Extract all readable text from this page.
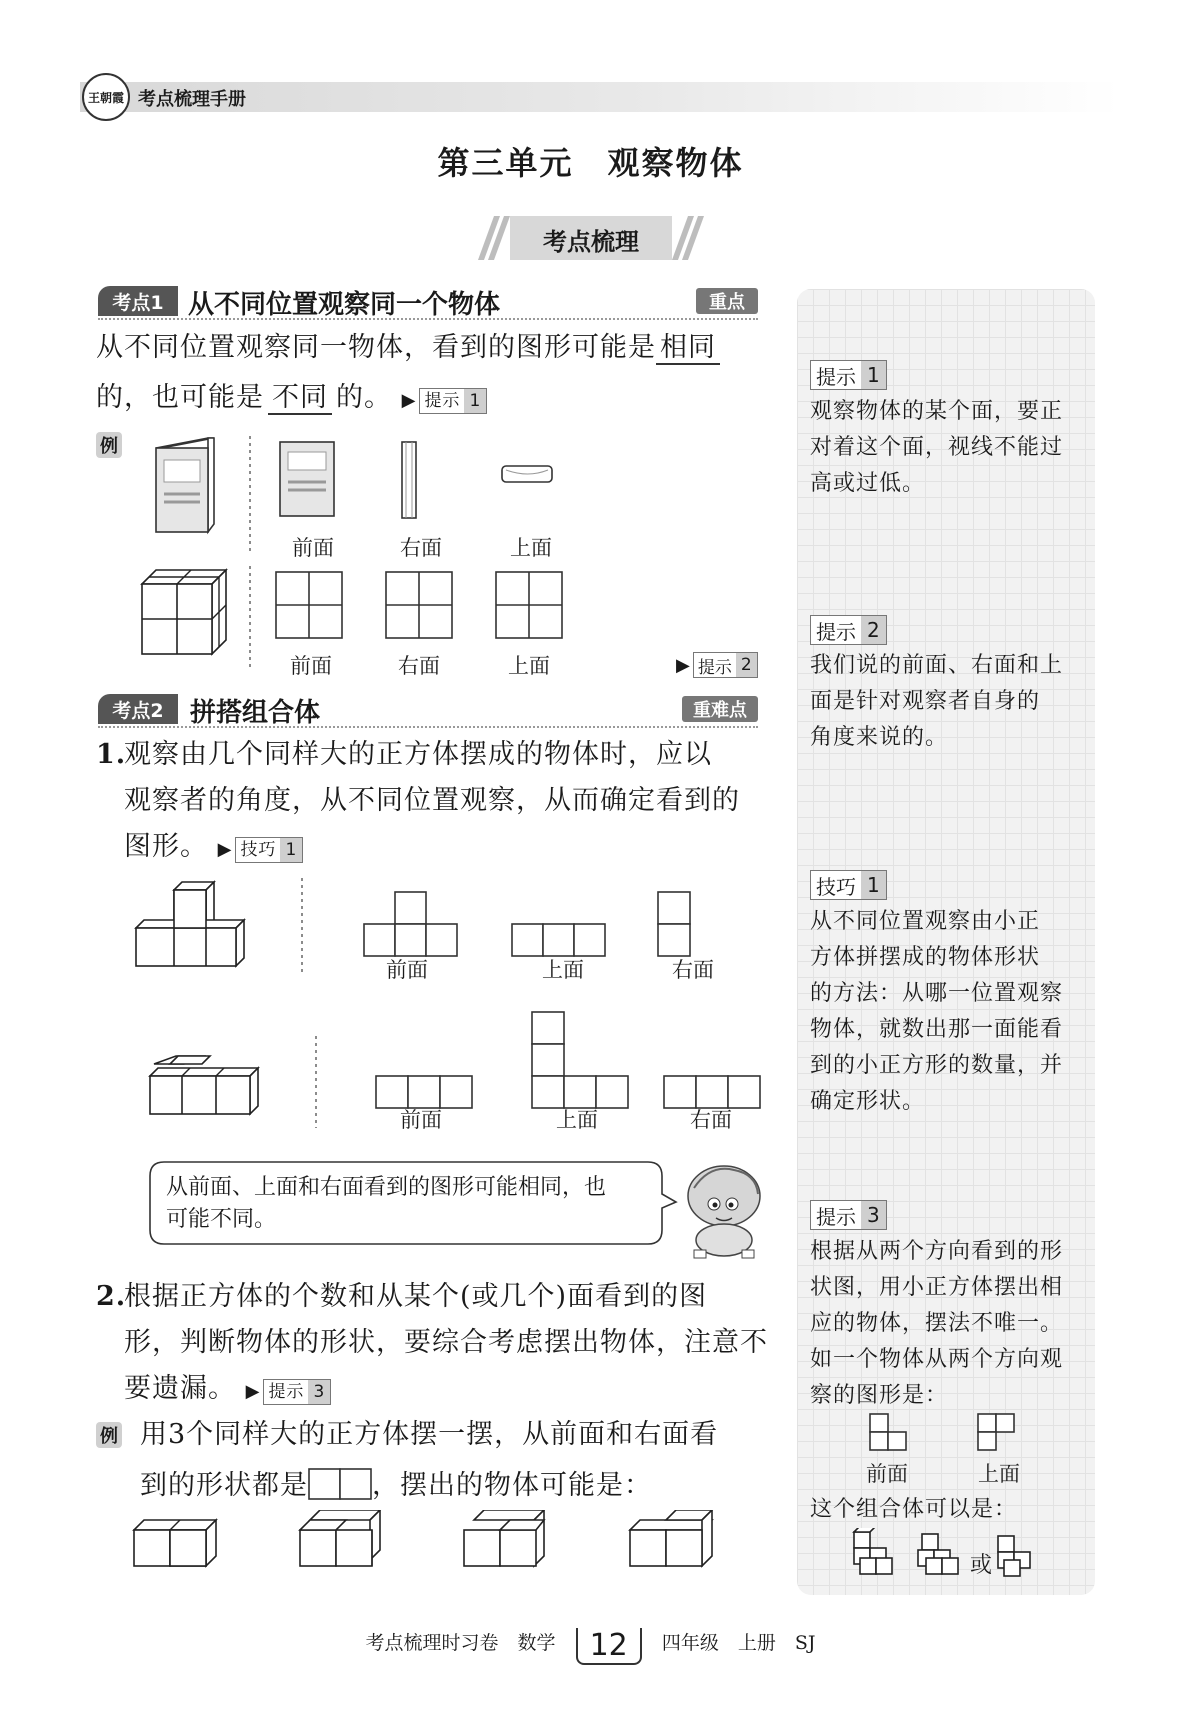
王朝霞 考点梳理手册
第三单元　观察物体
考点梳理
考点1 从不同位置观察同一个物体	重点
从不同位置观察同一物体，看到的图形可能是 相同
的，也可能是 不同 的。 ▶ 提示 1
例
前面	右面	上面
前面	右面	上面	▶ 提示 2
考点2	拼搭组合体	重难点
1.
观察由几个同样大的正方体摆成的物体时，应以
观察者的角度，从不同位置观察，从而确定看到的
图形。 ▶ 技巧 1
前面	上面	右面
前面	上面	右面
从前面、上面和右面看到的图形可能相同，也
可能不同。
2.
根据正方体的个数和从某个(或几个)面看到的图
形，判断物体的形状，要综合考虑摆出物体，注意不
要遗漏。 ▶ 提示 3
例 用3个同样大的正方体摆一摆，从前面和右面看
到的形状都是 ，摆出的物体可能是：
提示 1
观察物体的某个面，要正
对着这个面，视线不能过
高或过低。
提示 2
我们说的前面、右面和上
面是针对观察者自身的
角度来说的。
技巧 1
从不同位置观察由小正
方体拼摆成的物体形状
的方法：从哪一位置观察
物体，就数出那一面能看
到的小正方形的数量，并
确定形状。
提示 3
根据从两个方向看到的形
状图，用小正方体摆出相
应的物体，摆法不唯一。
如一个物体从两个方向观
察的图形是：
前面	上面
这个组合体可以是：
或
考点梳理时习卷　数学 12 四年级　上册　SJ
